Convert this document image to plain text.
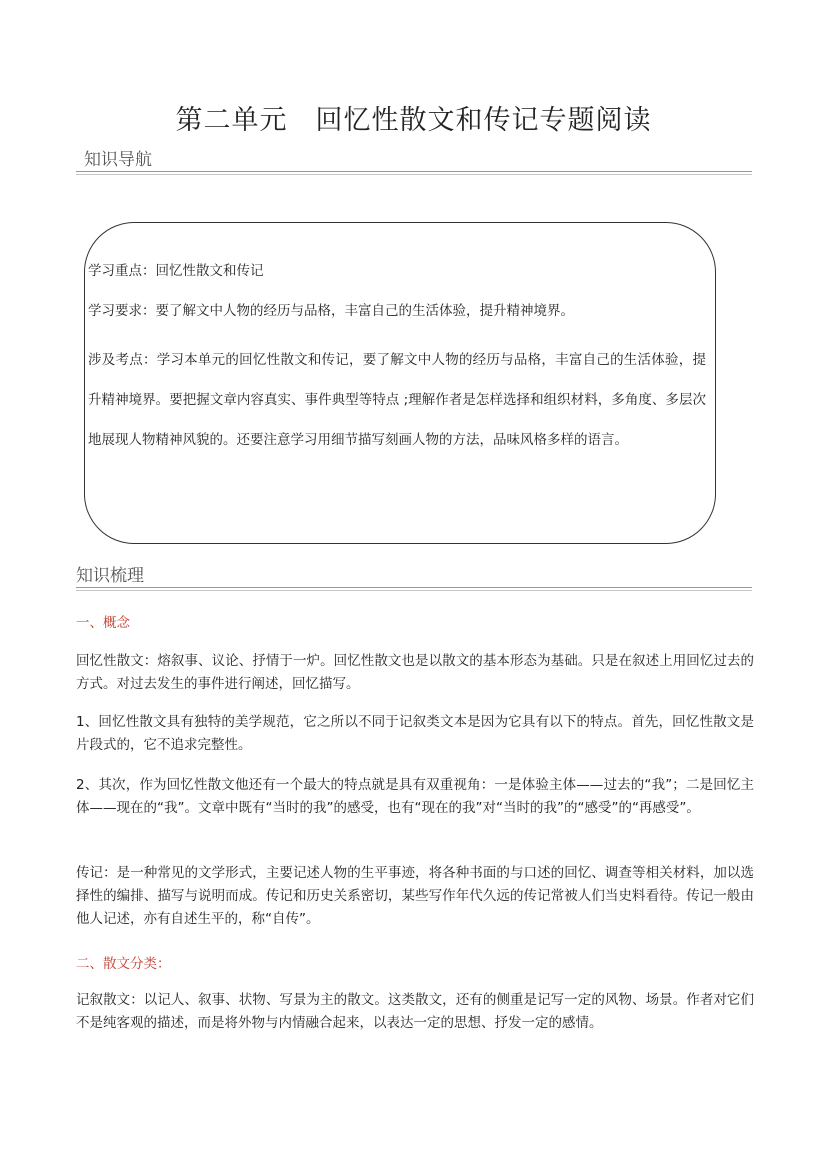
第二单元　回忆性散文和传记专题阅读
知识导航

学习重点：回忆性散文和传记

学习要求：要了解文中人物的经历与品格，丰富自己的生活体验，提升精神境界。

涉及考点：学习本单元的回忆性散文和传记，要了解文中人物的经历与品格，丰富自己的生活体验，提升精神境界。要把握文章内容真实、事件典型等特点 ;理解作者是怎样选择和组织材料，多角度、多层次地展现人物精神风貌的。还要注意学习用细节描写刻画人物的方法，品味风格多样的语言。

知识梳理
一、概念

回忆性散文：熔叙事、议论、抒情于一炉。回忆性散文也是以散文的基本形态为基础。只是在叙述上用回忆过去的方式。对过去发生的事件进行阐述，回忆描写。

1、回忆性散文具有独特的美学规范，它之所以不同于记叙类文本是因为它具有以下的特点。首先，回忆性散文是片段式的，它不追求完整性。

2、其次，作为回忆性散文他还有一个最大的特点就是具有双重视角：一是体验主体——过去的“我”；二是回忆主体——现在的“我”。文章中既有“当时的我”的感受，也有“现在的我”对“当时的我”的“感受”的“再感受”。

传记：是一种常见的文学形式，主要记述人物的生平事迹，将各种书面的与口述的回忆、调查等相关材料，加以选择性的编排、描写与说明而成。传记和历史关系密切，某些写作年代久远的传记常被人们当史料看待。传记一般由他人记述，亦有自述生平的，称“自传”。

二、散文分类：

记叙散文：以记人、叙事、状物、写景为主的散文。这类散文，还有的侧重是记写一定的风物、场景。作者对它们不是纯客观的描述，而是将外物与内情融合起来，以表达一定的思想、抒发一定的感情。
